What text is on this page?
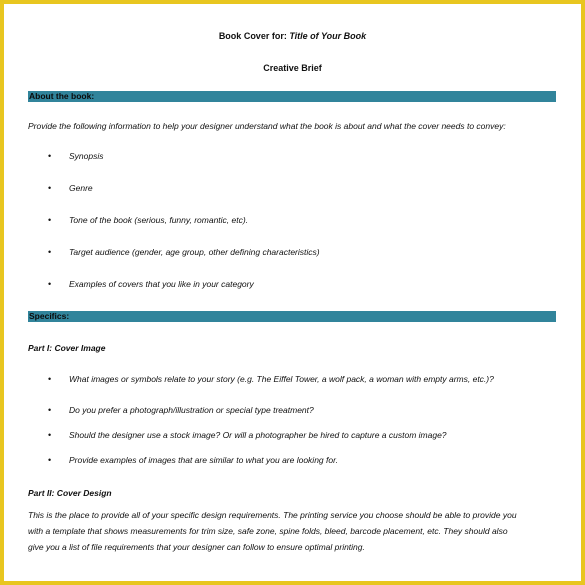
Book Cover for: Title of Your Book
Creative Brief
About the book:
Provide the following information to help your designer understand what the book is about and what the cover needs to convey:
• Synopsis
• Genre
• Tone of the book (serious, funny, romantic, etc).
• Target audience (gender, age group, other defining characteristics)
• Examples of covers that you like in your category
Specifics:
Part I: Cover Image
• What images or symbols relate to your story (e.g. The Eiffel Tower, a wolf pack, a woman with empty arms, etc.)?
• Do you prefer a photograph/illustration or special type treatment?
• Should the designer use a stock image? Or will a photographer be hired to capture a custom image?
• Provide examples of images that are similar to what you are looking for.
Part II: Cover Design
This is the place to provide all of your specific design requirements. The printing service you choose should be able to provide you
with a template that shows measurements for trim size, safe zone, spine folds, bleed, barcode placement, etc. They should also
give you a list of file requirements that your designer can follow to ensure optimal printing.
